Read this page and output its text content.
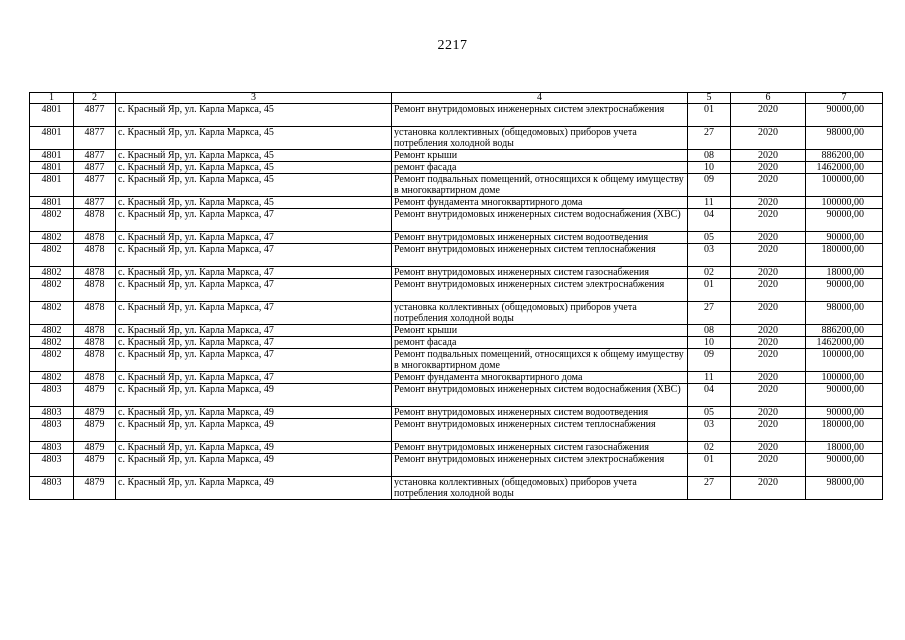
2217
1	2	3	4	5	6	7
4801	4877	с. Красный Яр, ул. Карла Маркса, 45	Ремонт внутридомовых инженерных систем электроснабжения	01	2020	90000,00
4801	4877	с. Красный Яр, ул. Карла Маркса, 45	установка коллективных (общедомовых) приборов учета потребления холодной воды	27	2020	98000,00
4801	4877	с. Красный Яр, ул. Карла Маркса, 45	Ремонт крыши	08	2020	886200,00
4801	4877	с. Красный Яр, ул. Карла Маркса, 45	ремонт фасада	10	2020	1462000,00
4801	4877	с. Красный Яр, ул. Карла Маркса, 45	Ремонт подвальных помещений, относящихся к общему имуществу в многоквартирном доме	09	2020	100000,00
4801	4877	с. Красный Яр, ул. Карла Маркса, 45	Ремонт фундамента многоквартирного дома	11	2020	100000,00
4802	4878	с. Красный Яр, ул. Карла Маркса, 47	Ремонт внутридомовых инженерных систем водоснабжения (ХВС)	04	2020	90000,00
4802	4878	с. Красный Яр, ул. Карла Маркса, 47	Ремонт внутридомовых инженерных систем водоотведения	05	2020	90000,00
4802	4878	с. Красный Яр, ул. Карла Маркса, 47	Ремонт внутридомовых инженерных систем теплоснабжения	03	2020	180000,00
4802	4878	с. Красный Яр, ул. Карла Маркса, 47	Ремонт внутридомовых инженерных систем газоснабжения	02	2020	18000,00
4802	4878	с. Красный Яр, ул. Карла Маркса, 47	Ремонт внутридомовых инженерных систем электроснабжения	01	2020	90000,00
4802	4878	с. Красный Яр, ул. Карла Маркса, 47	установка коллективных (общедомовых) приборов учета потребления холодной воды	27	2020	98000,00
4802	4878	с. Красный Яр, ул. Карла Маркса, 47	Ремонт крыши	08	2020	886200,00
4802	4878	с. Красный Яр, ул. Карла Маркса, 47	ремонт фасада	10	2020	1462000,00
4802	4878	с. Красный Яр, ул. Карла Маркса, 47	Ремонт подвальных помещений, относящихся к общему имуществу в многоквартирном доме	09	2020	100000,00
4802	4878	с. Красный Яр, ул. Карла Маркса, 47	Ремонт фундамента многоквартирного дома	11	2020	100000,00
4803	4879	с. Красный Яр, ул. Карла Маркса, 49	Ремонт внутридомовых инженерных систем водоснабжения (ХВС)	04	2020	90000,00
4803	4879	с. Красный Яр, ул. Карла Маркса, 49	Ремонт внутридомовых инженерных систем водоотведения	05	2020	90000,00
4803	4879	с. Красный Яр, ул. Карла Маркса, 49	Ремонт внутридомовых инженерных систем теплоснабжения	03	2020	180000,00
4803	4879	с. Красный Яр, ул. Карла Маркса, 49	Ремонт внутридомовых инженерных систем газоснабжения	02	2020	18000,00
4803	4879	с. Красный Яр, ул. Карла Маркса, 49	Ремонт внутридомовых инженерных систем электроснабжения	01	2020	90000,00
4803	4879	с. Красный Яр, ул. Карла Маркса, 49	установка коллективных (общедомовых) приборов учета потребления холодной воды	27	2020	98000,00
